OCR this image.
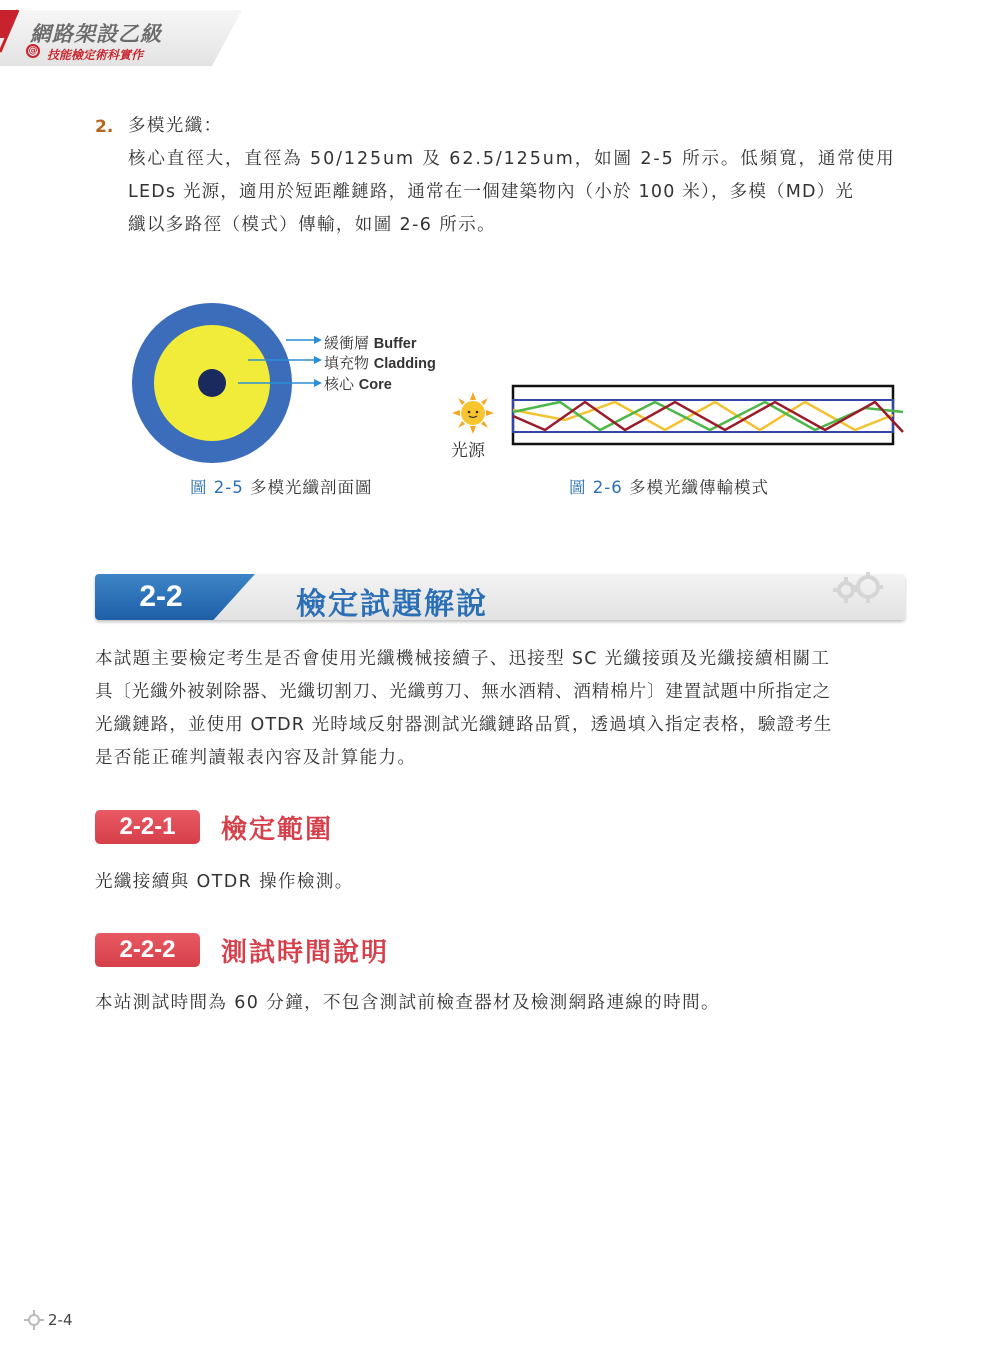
網路架設乙級
@ 技能檢定術科實作
2. 多模光纖：
核心直徑大，直徑為 50/125um 及 62.5/125um，如圖 2-5 所示。低頻寬，通常使用
LEDs 光源，適用於短距離鏈路，通常在一個建築物內（小於 100 米），多模（MD）光
纖以多路徑（模式）傳輸，如圖 2-6 所示。
緩衝層 Buffer
填充物 Cladding
核心 Core
圖 2-5 多模光纖剖面圖
光源
圖 2-6 多模光纖傳輸模式
2-2	檢定試題解說
本試題主要檢定考生是否會使用光纖機械接續子、迅接型 SC 光纖接頭及光纖接續相關工
具〔光纖外被剝除器、光纖切割刀、光纖剪刀、無水酒精、酒精棉片〕建置試題中所指定之
光纖鏈路，並使用 OTDR 光時域反射器測試光纖鏈路品質，透過填入指定表格，驗證考生
是否能正確判讀報表內容及計算能力。
2-2-1	檢定範圍
光纖接續與 OTDR 操作檢測。
2-2-2	測試時間說明
本站測試時間為 60 分鐘，不包含測試前檢查器材及檢測網路連線的時間。
2-4
